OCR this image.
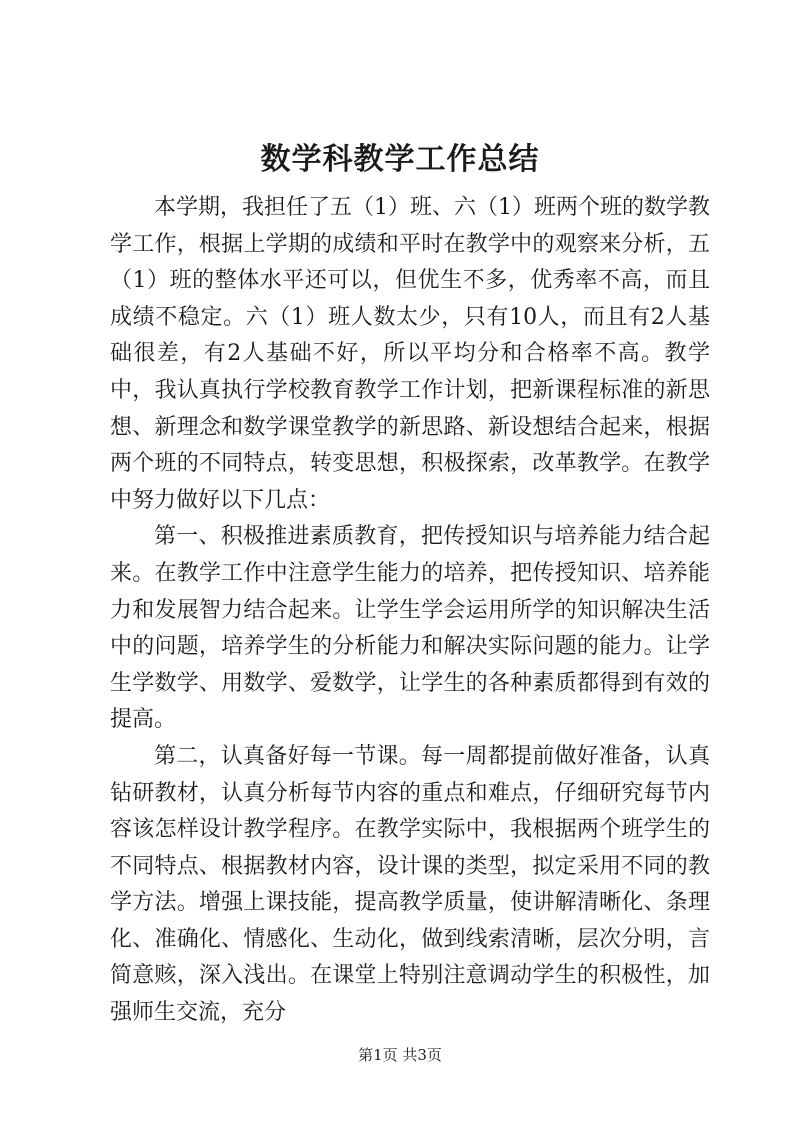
数学科教学工作总结

本学期，我担任了五（1）班、六（1）班两个班的数学教学工作，根据上学期的成绩和平时在教学中的观察来分析，五（1）班的整体水平还可以，但优生不多，优秀率不高，而且成绩不稳定。六（1）班人数太少，只有10人，而且有2人基础很差，有2人基础不好，所以平均分和合格率不高。教学中，我认真执行学校教育教学工作计划，把新课程标准的新思想、新理念和数学课堂教学的新思路、新设想结合起来，根据两个班的不同特点，转变思想，积极探索，改革教学。在教学中努力做好以下几点：

第一、积极推进素质教育，把传授知识与培养能力结合起来。在教学工作中注意学生能力的培养，把传授知识、培养能力和发展智力结合起来。让学生学会运用所学的知识解决生活中的问题，培养学生的分析能力和解决实际问题的能力。让学生学数学、用数学、爱数学，让学生的各种素质都得到有效的提高。

第二，认真备好每一节课。每一周都提前做好准备，认真钻研教材，认真分析每节内容的重点和难点，仔细研究每节内容该怎样设计教学程序。在教学实际中，我根据两个班学生的不同特点、根据教材内容，设计课的类型，拟定采用不同的教学方法。增强上课技能，提高教学质量，使讲解清晰化、条理化、准确化、情感化、生动化，做到线索清晰，层次分明，言简意赅，深入浅出。在课堂上特别注意调动学生的积极性，加强师生交流，充分

第1页 共3页
